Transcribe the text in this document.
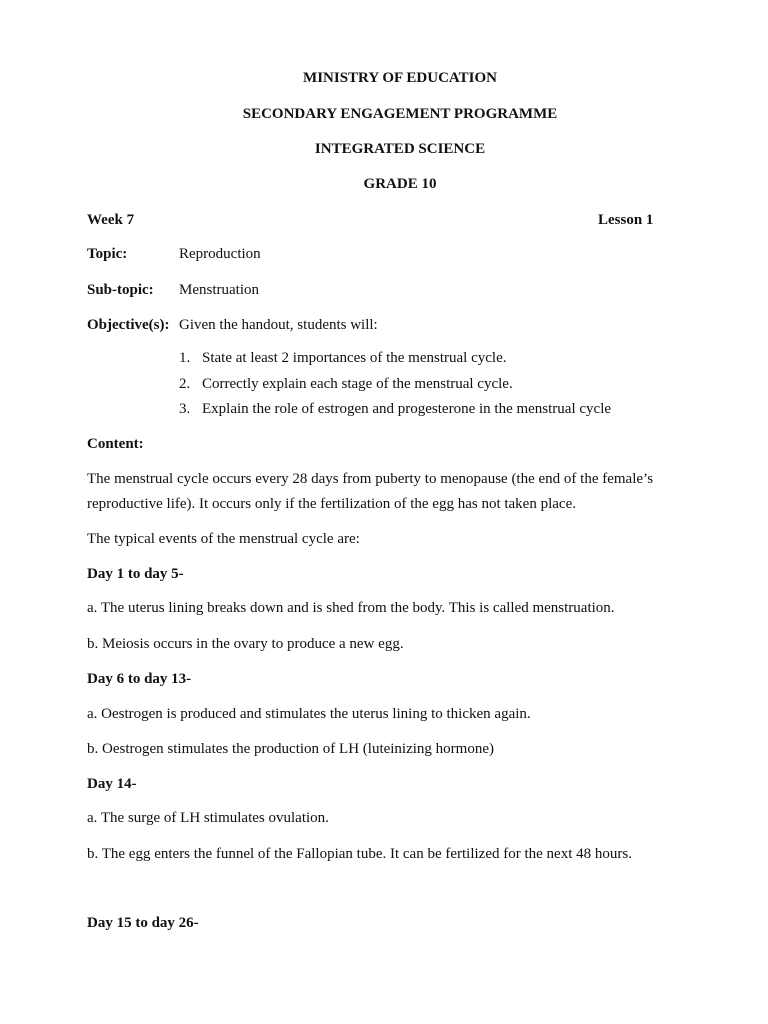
MINISTRY OF EDUCATION
SECONDARY ENGAGEMENT PROGRAMME
INTEGRATED SCIENCE
GRADE 10
Week 7	Lesson 1
Topic:	Reproduction
Sub-topic: Menstruation
Objective(s): Given the handout, students will:
1. State at least 2 importances of the menstrual cycle.
2. Correctly explain each stage of the menstrual cycle.
3. Explain the role of estrogen and progesterone in the menstrual cycle
Content:
The menstrual cycle occurs every 28 days from puberty to menopause (the end of the female’s
reproductive life). It occurs only if the fertilization of the egg has not taken place.
The typical events of the menstrual cycle are:
Day 1 to day 5-
a. The uterus lining breaks down and is shed from the body. This is called menstruation.
b. Meiosis occurs in the ovary to produce a new egg.
Day 6 to day 13-
a. Oestrogen is produced and stimulates the uterus lining to thicken again.
b. Oestrogen stimulates the production of LH (luteinizing hormone)
Day 14-
a. The surge of LH stimulates ovulation.
b. The egg enters the funnel of the Fallopian tube. It can be fertilized for the next 48 hours.
Day 15 to day 26-
